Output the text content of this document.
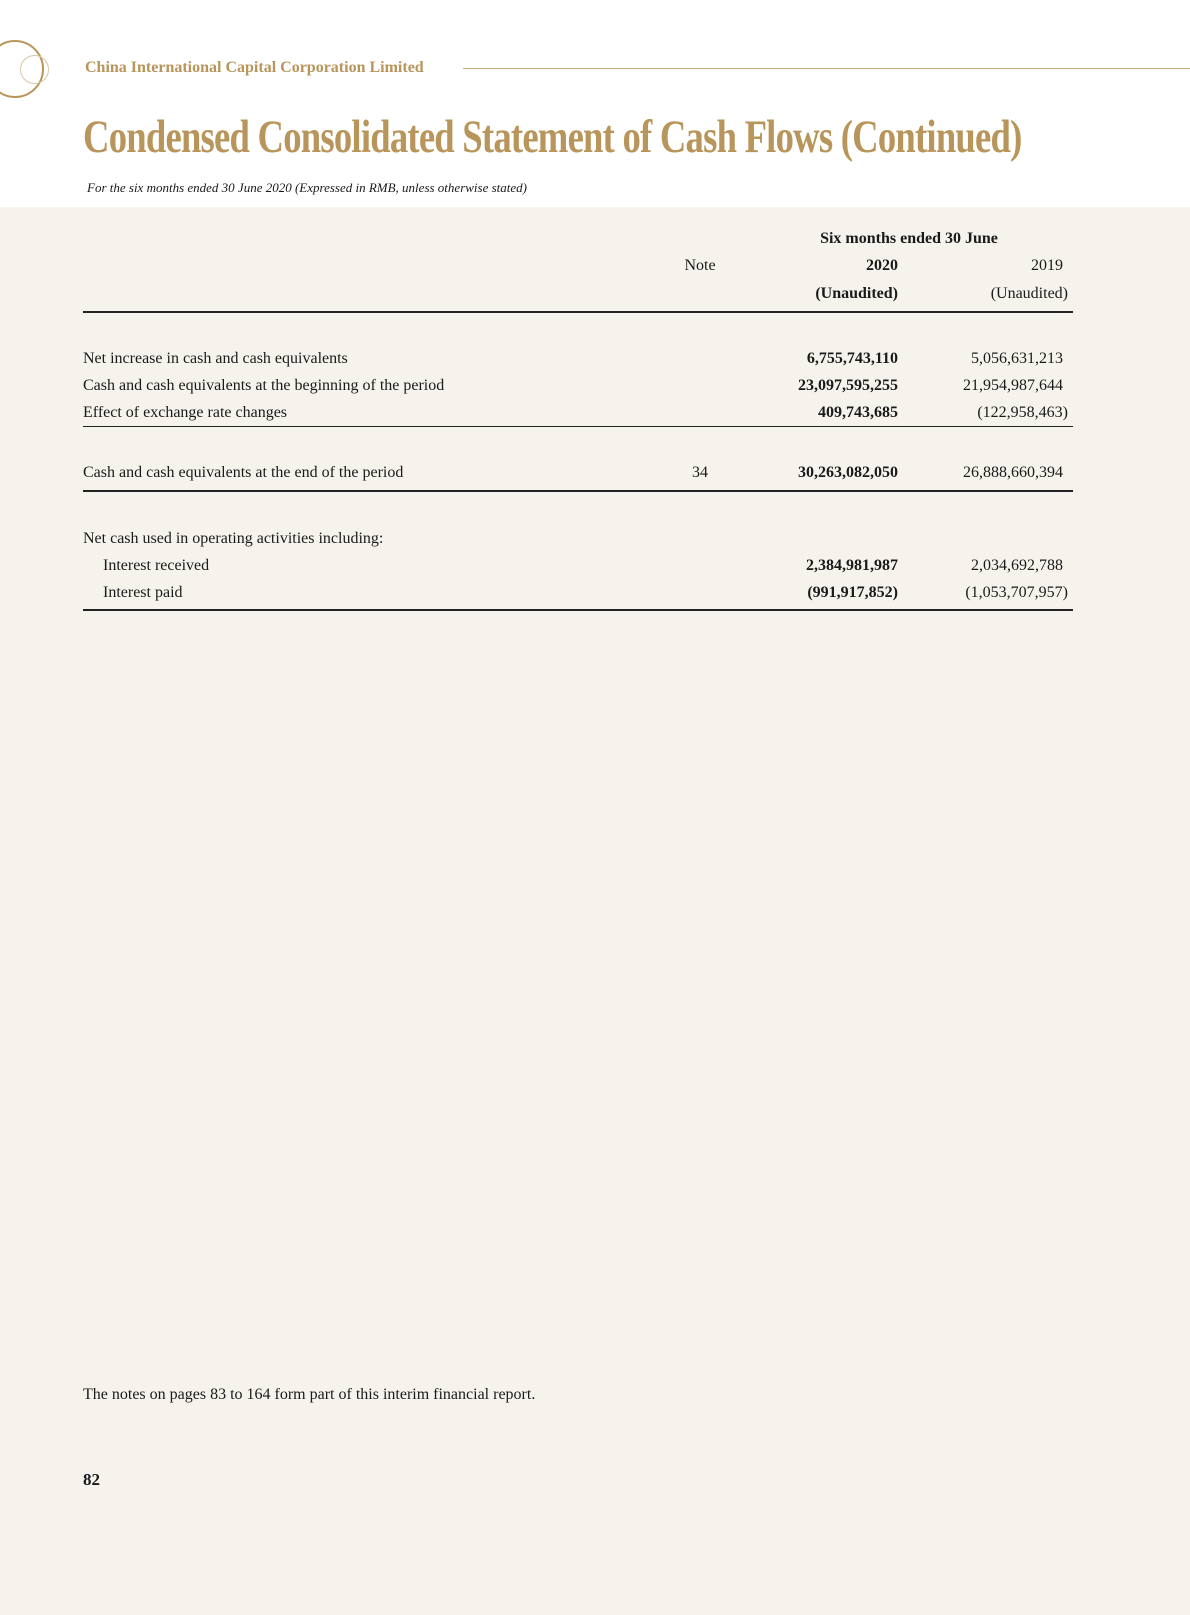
China International Capital Corporation Limited
Condensed Consolidated Statement of Cash Flows (Continued)
For the six months ended 30 June 2020 (Expressed in RMB, unless otherwise stated)
Six months ended 30 June
Note	2020	2019
(Unaudited)	(Unaudited)
Net increase in cash and cash equivalents	6,755,743,110	5,056,631,213
Cash and cash equivalents at the beginning of the period	23,097,595,255	21,954,987,644
Effect of exchange rate changes	409,743,685	(122,958,463)
Cash and cash equivalents at the end of the period	34	30,263,082,050	26,888,660,394
Net cash used in operating activities including:
Interest received	2,384,981,987	2,034,692,788
Interest paid	(991,917,852)	(1,053,707,957)
The notes on pages 83 to 164 form part of this interim financial report.
82
